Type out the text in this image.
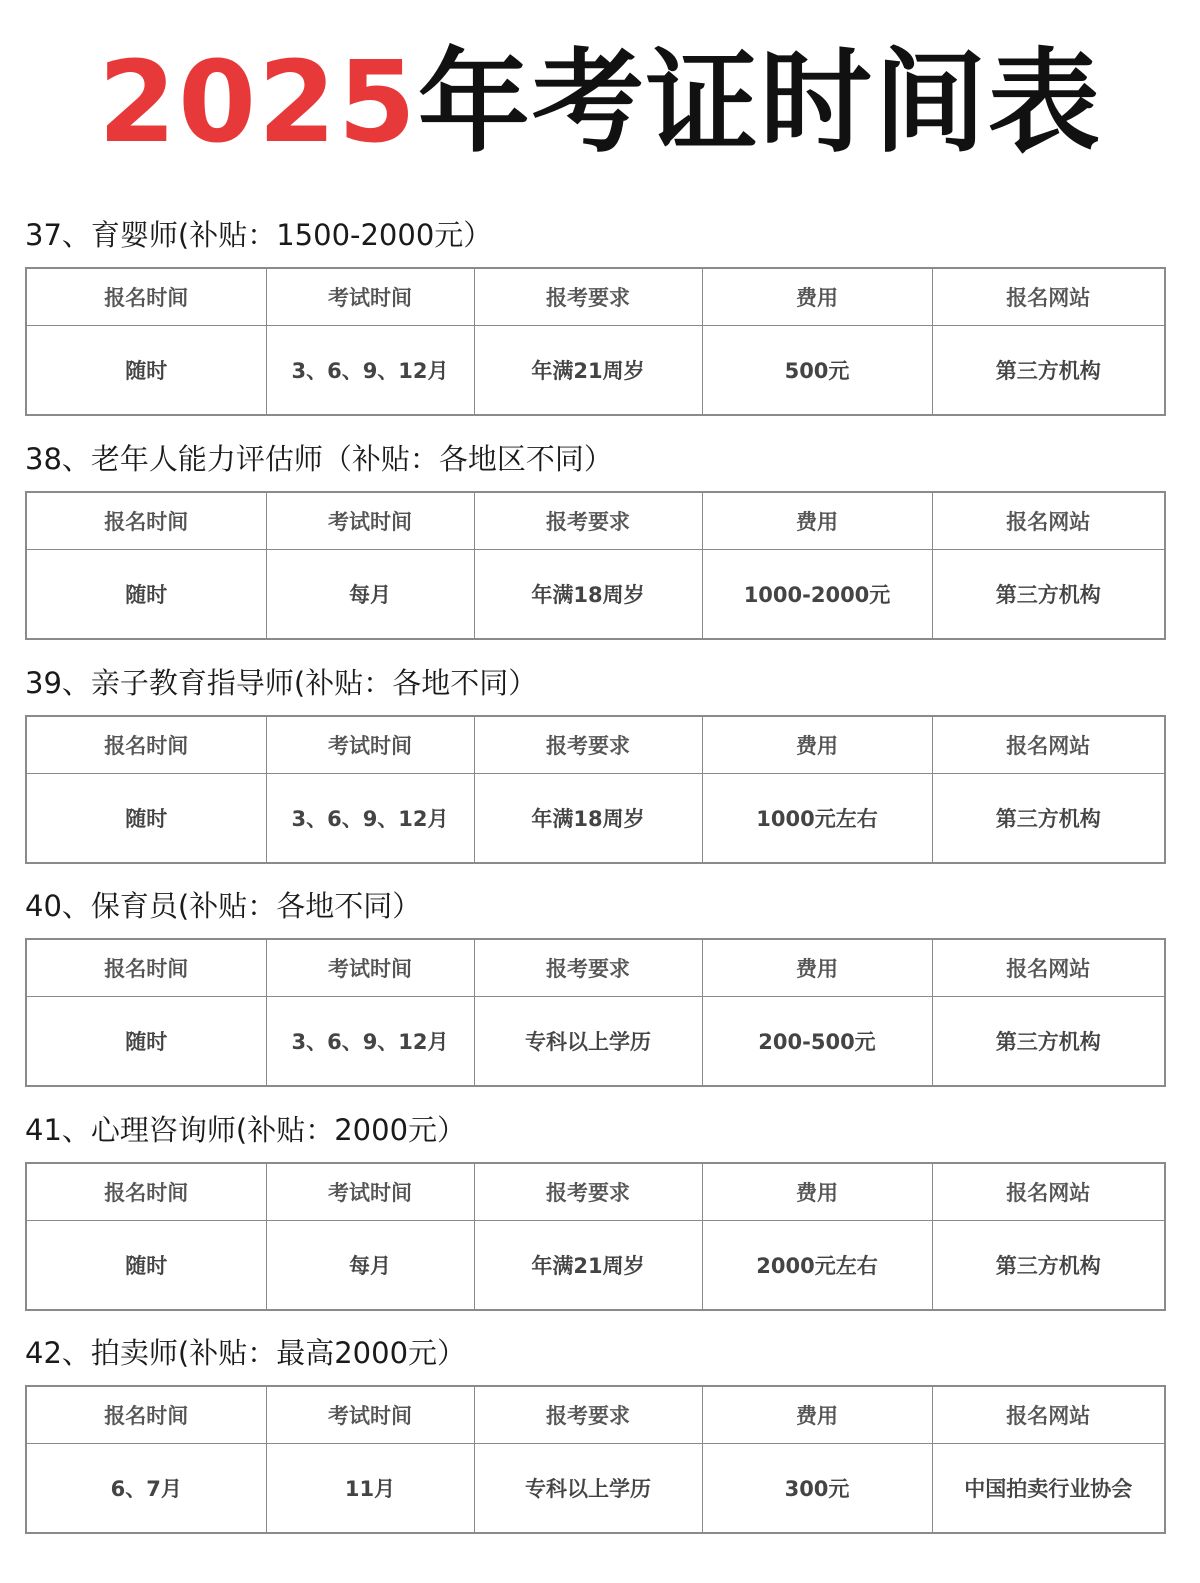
2025年考证时间表
37、育婴师(补贴：1500-2000元）
报名时间	考试时间	报考要求	费用	报名网站
随时	3、6、9、12月	年满21周岁	500元	第三方机构
38、老年人能力评估师（补贴：各地区不同）
报名时间	考试时间	报考要求	费用	报名网站
随时	每月	年满18周岁	1000-2000元	第三方机构
39、亲子教育指导师(补贴：各地不同）
报名时间	考试时间	报考要求	费用	报名网站
随时	3、6、9、12月	年满18周岁	1000元左右	第三方机构
40、保育员(补贴：各地不同）
报名时间	考试时间	报考要求	费用	报名网站
随时	3、6、9、12月	专科以上学历	200-500元	第三方机构
41、心理咨询师(补贴：2000元）
报名时间	考试时间	报考要求	费用	报名网站
随时	每月	年满21周岁	2000元左右	第三方机构
42、拍卖师(补贴：最高2000元）
报名时间	考试时间	报考要求	费用	报名网站
6、7月	11月	专科以上学历	300元	中国拍卖行业协会
